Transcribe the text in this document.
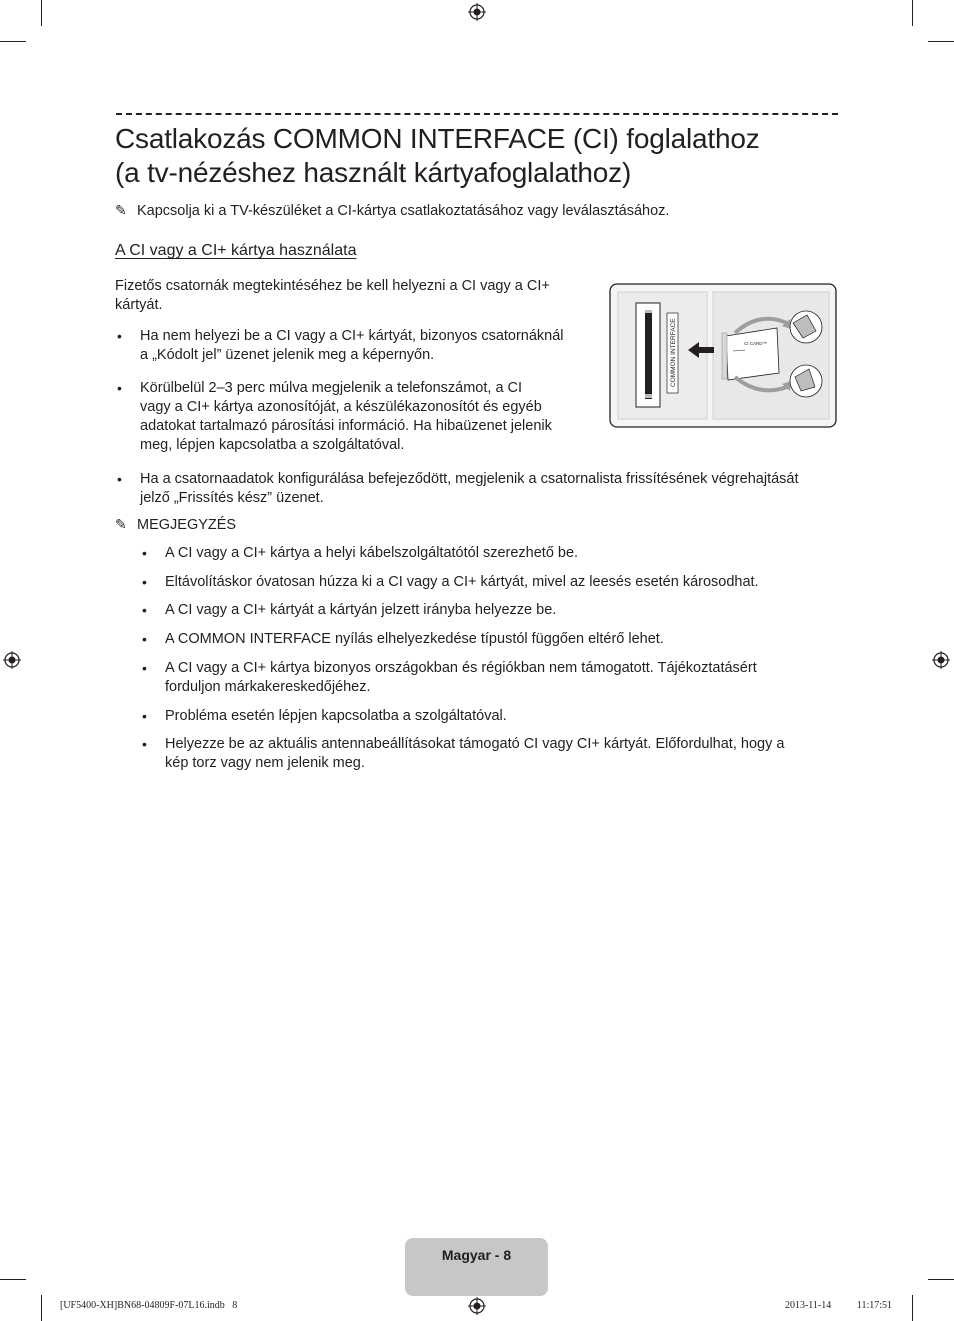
Csatlakozás COMMON INTERFACE (CI) foglalathoz
(a tv-nézéshez használt kártyafoglalathoz)
✎ Kapcsolja ki a TV-készüléket a CI-kártya csatlakoztatásához vagy leválasztásához.
A CI vagy a CI+ kártya használata
Fizetős csatornák megtekintéséhez be kell helyezni a CI vagy a CI+
kártyát.
• Ha nem helyezi be a CI vagy a CI+ kártyát, bizonyos csatornáknál
a „Kódolt jel” üzenet jelenik meg a képernyőn.
• Körülbelül 2–3 perc múlva megjelenik a telefonszámot, a CI
vagy a CI+ kártya azonosítóját, a készülékazonosítót és egyéb
adatokat tartalmazó párosítási információ. Ha hibaüzenet jelenik
meg, lépjen kapcsolatba a szolgáltatóval.
• Ha a csatornaadatok konfigurálása befejeződött, megjelenik a csatornalista frissítésének végrehajtását
jelző „Frissítés kész” üzenet.
COMMON INTERFACE	CI CARD™
✎ MEGJEGYZÉS
• A CI vagy a CI+ kártya a helyi kábelszolgáltatótól szerezhető be.
• Eltávolításkor óvatosan húzza ki a CI vagy a CI+ kártyát, mivel az leesés esetén károsodhat.
• A CI vagy a CI+ kártyát a kártyán jelzett irányba helyezze be.
• A COMMON INTERFACE nyílás elhelyezkedése típustól függően eltérő lehet.
• A CI vagy a CI+ kártya bizonyos országokban és régiókban nem támogatott. Tájékoztatásért
forduljon márkakereskedőjéhez.
• Probléma esetén lépjen kapcsolatba a szolgáltatóval.
• Helyezze be az aktuális antennabeállításokat támogató CI vagy CI+ kártyát. Előfordulhat, hogy a
kép torz vagy nem jelenik meg.
Magyar - 8
[UF5400-XH]BN68-04809F-07L16.indb   8	2013-11-14   ￿￿ 11:17:51
